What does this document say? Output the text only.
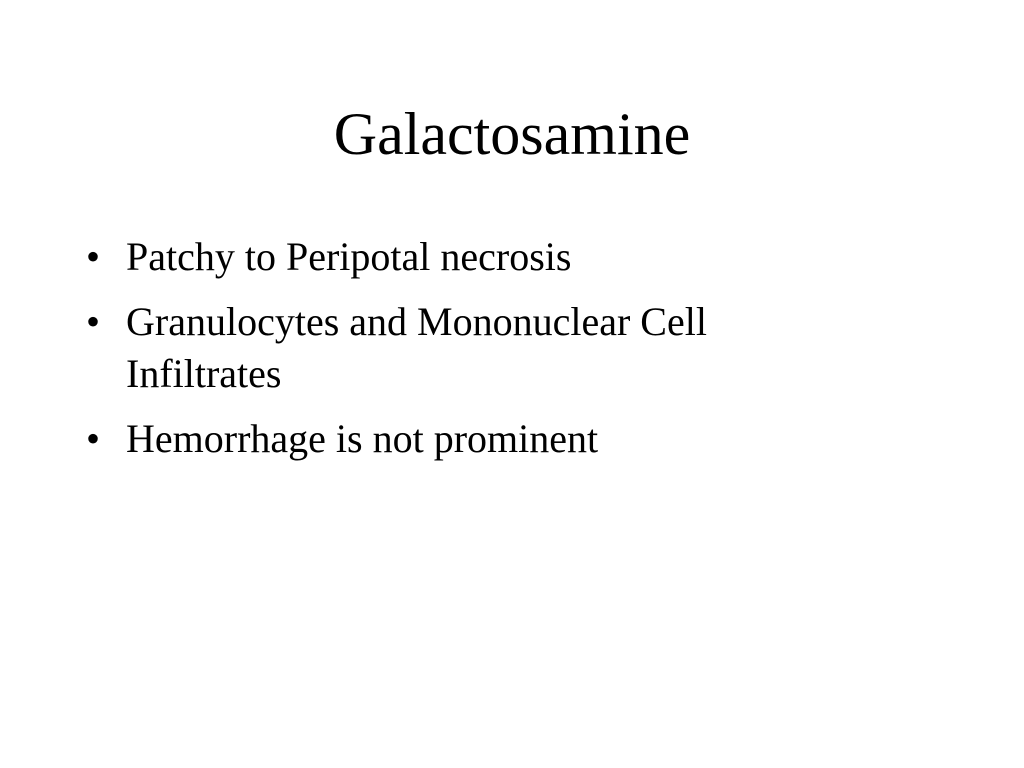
Galactosamine
• Patchy to Peripotal necrosis
• Granulocytes and Mononuclear Cell Infiltrates
• Hemorrhage is not prominent
